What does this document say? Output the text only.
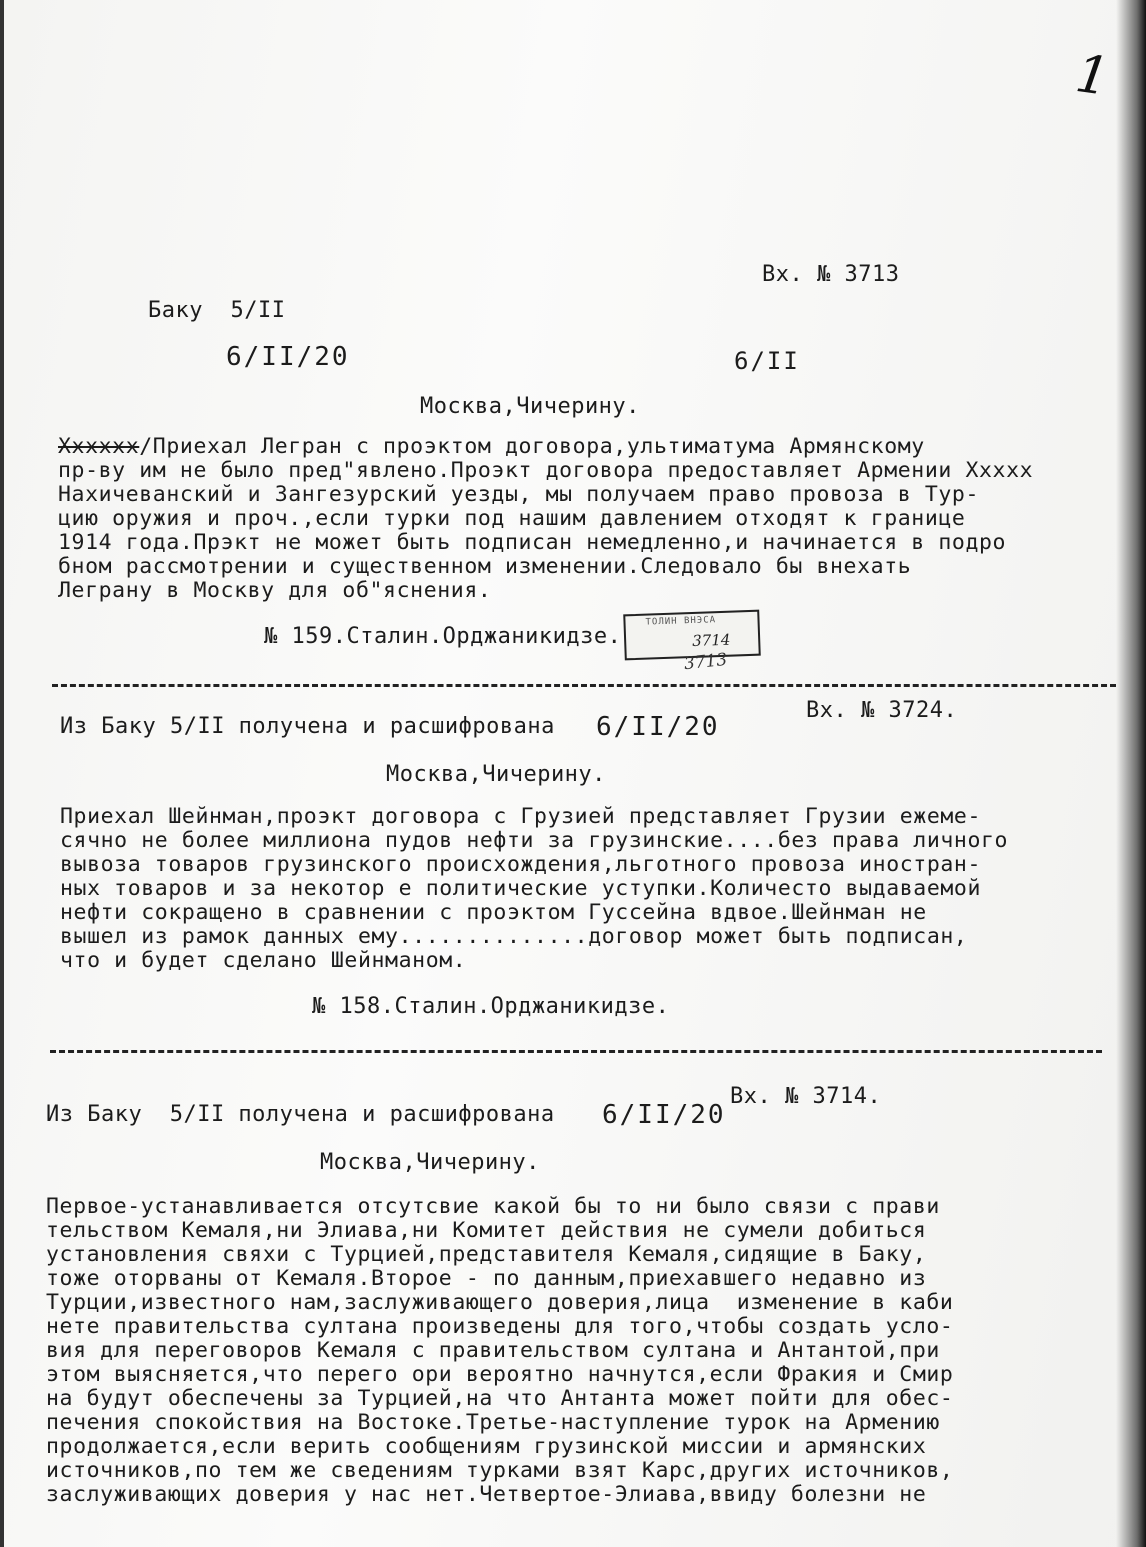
1
Вх. № 3713
Баку  5/II
6/II/20	6/II
Москва,Чичерину.
Хххххх/Приехал Легран с проэктом договора,ультиматума Армянскому
пр-ву им не было пред"явлено.Проэкт договора предоставляет Армении Ххххх
Нахичеванский и Зангезурский уезды, мы получаем право провоза в Тур-
цию оружия и проч.,если турки под нашим давлением отходят к границе
1914 года.Прэкт не может быть подписан немедленно,и начинается в подро
бном рассмотрении и существенном изменении.Следовало бы внехать
Леграну в Москву для об"яснения.
№ 159.Сталин.Орджаникидзе.
ТОЛИН ВНЭСА
3714
3713
Вх. № 3724.
Из Баку 5/II получена и расшифрована 6/II/20
Москва,Чичерину.
Приехал Шейнман,проэкт договора с Грузией представляет Грузии ежеме-
сячно не более миллиона пудов нефти за грузинские....без права личного
вывоза товаров грузинского происхождения,льготного провоза иностран-
ных товаров и за некотор е политические уступки.Количесто выдаваемой
нефти сокращено в сравнении с проэктом Гуссейна вдвое.Шейнман не
вышел из рамок данных ему..............договор может быть подписан,
что и будет сделано Шейнманом.
№ 158.Сталин.Орджаникидзе.
Вх. № 3714.
Из Баку  5/II получена и расшифрована 6/II/20
Москва,Чичерину.
Первое-устанавливается отсутсвие какой бы то ни было связи с прави
тельством Кемаля,ни Элиава,ни Комитет действия не сумели добиться
установления свяхи с Турцией,представителя Кемаля,сидящие в Баку,
тоже оторваны от Кемаля.Второе - по данным,приехавшего недавно из
Турции,известного нам,заслуживающего доверия,лица  изменение в каби
нете правительства султана произведены для того,чтобы создать усло-
вия для переговоров Кемаля с правительством султана и Антантой,при
этом выясняется,что перего ори вероятно начнутся,если Фракия и Смир
на будут обеспечены за Турцией,на что Антанта может пойти для обес-
печения спокойствия на Востоке.Третье-наступление турок на Армению
продолжается,если верить сообщениям грузинской миссии и армянских
источников,по тем же сведениям турками взят Карс,других источников,
заслуживающих доверия у нас нет.Четвертое-Элиава,ввиду болезни не
